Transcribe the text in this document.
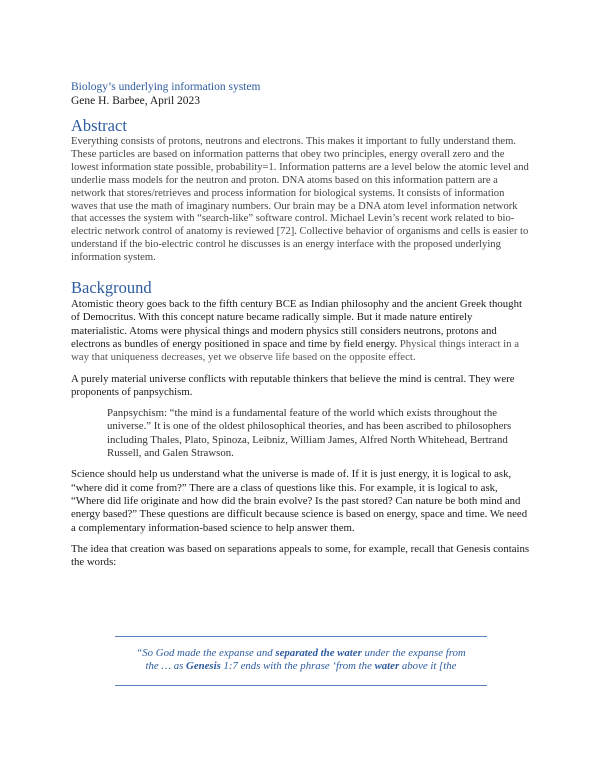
Biology’s underlying information system
Gene H. Barbee, April 2023
Abstract

Everything consists of protons, neutrons and electrons. This makes it important to fully understand them. These particles are based on information patterns that obey two principles, energy overall zero and the lowest information state possible, probability=1. Information patterns are a level below the atomic level and underlie mass models for the neutron and proton. DNA atoms based on this information pattern are a network that stores/retrieves and process information for biological systems. It consists of information waves that use the math of imaginary numbers. Our brain may be a DNA atom level information network that accesses the system with “search-like” software control. Michael Levin’s recent work related to bio-electric network control of anatomy is reviewed [72]. Collective behavior of organisms and cells is easier to understand if the bio-electric control he discusses is an energy interface with the proposed underlying information system.

Background

Atomistic theory goes back to the fifth century BCE as Indian philosophy and the ancient Greek thought of Democritus. With this concept nature became radically simple. But it made nature entirely materialistic. Atoms were physical things and modern physics still considers neutrons, protons and electrons as bundles of energy positioned in space and time by field energy. Physical things interact in a way that uniqueness decreases, yet we observe life based on the opposite effect.

A purely material universe conflicts with reputable thinkers that believe the mind is central. They were proponents of panpsychism.

Panpsychism: “the mind is a fundamental feature of the world which exists throughout the universe.” It is one of the oldest philosophical theories, and has been ascribed to philosophers including Thales, Plato, Spinoza, Leibniz, William James, Alfred North Whitehead, Bertrand Russell, and Galen Strawson.

Science should help us understand what the universe is made of. If it is just energy, it is logical to ask, “where did it come from?” There are a class of questions like this. For example, it is logical to ask, “Where did life originate and how did the brain evolve? Is the past stored? Can nature be both mind and energy based?” These questions are difficult because science is based on energy, space and time. We need a complementary information-based science to help answer them.

The idea that creation was based on separations appeals to some, for example, recall that Genesis contains the words:

“So God made the expanse and separated the water under the expanse from
the … as Genesis 1:7 ends with the phrase ‘from the water above it [the
